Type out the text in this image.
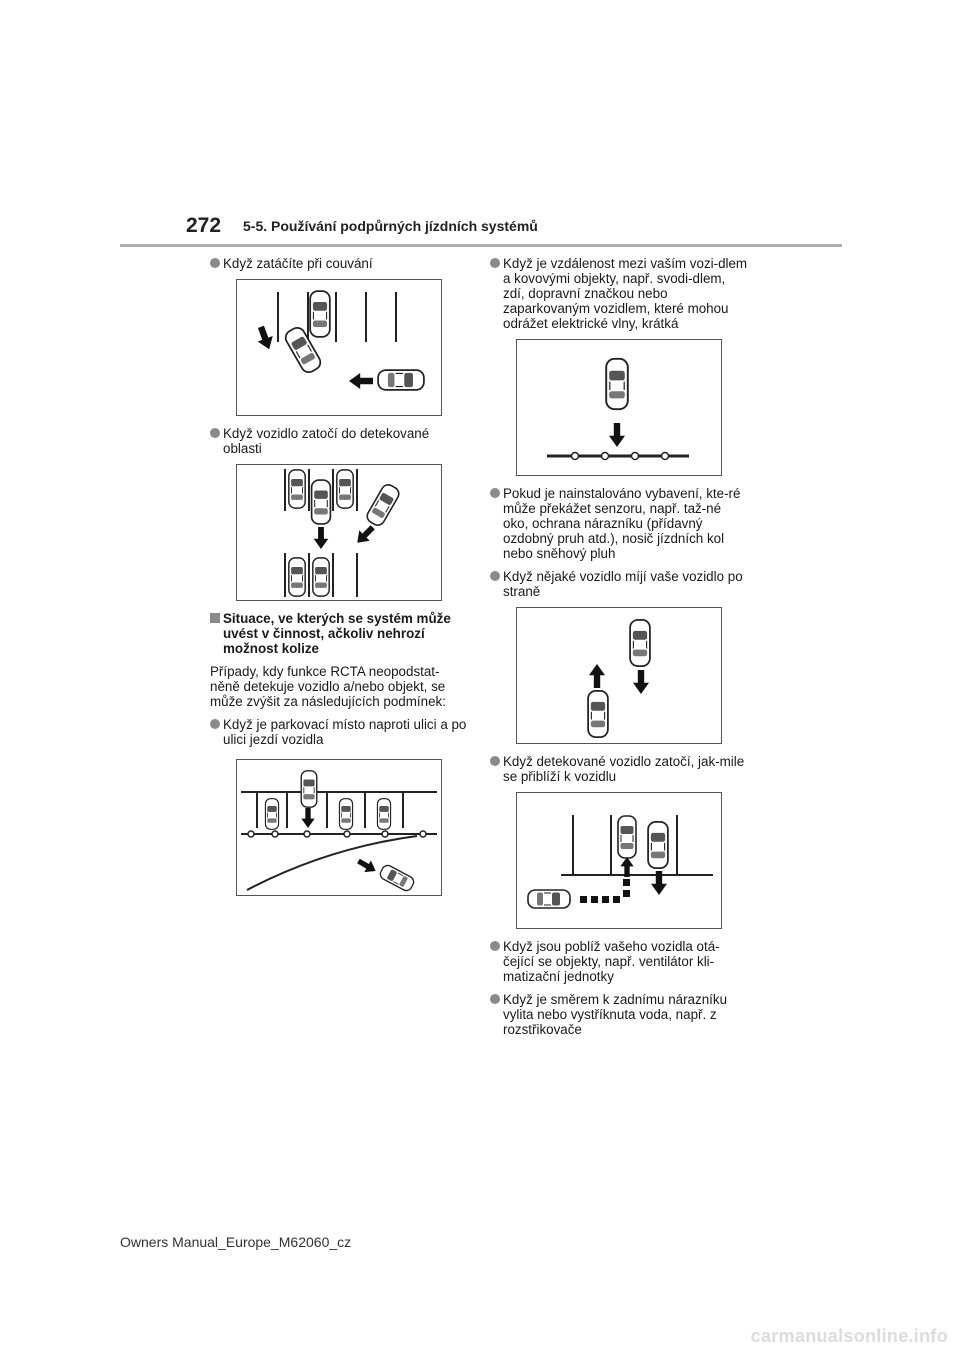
272 5-5. Používání podpůrných jízdních systémů
Když zatáčíte při couvání
Když vozidlo zatočí do detekované oblasti
Situace, ve kterých se systém může uvést v činnost, ačkoliv nehrozí možnost kolize
Případy, kdy funkce RCTA neopodstat-něně detekuje vozidlo a/nebo objekt, se může zvýšit za následujících podmínek:
Když je parkovací místo naproti ulici a po ulici jezdí vozidla
Když je vzdálenost mezi vaším vozi-dlem a kovovými objekty, např. svodi-dlem, zdí, dopravní značkou nebo zaparkovaným vozidlem, které mohou odrážet elektrické vlny, krátká
Pokud je nainstalováno vybavení, kte-ré může překážet senzoru, např. taž-né oko, ochrana nárazníku (přídavný ozdobný pruh atd.), nosič jízdních kol nebo sněhový pluh
Když nějaké vozidlo míjí vaše vozidlo po straně
Když detekované vozidlo zatočí, jak-mile se přiblíží k vozidlu
Když jsou poblíž vašeho vozidla otá-čející se objekty, např. ventilátor kli-matizační jednotky
Když je směrem k zadnímu nárazníku vylita nebo vystříknuta voda, např. z rozstřikovače
Owners Manual_Europe_M62060_cz
carmanualsonline.info
